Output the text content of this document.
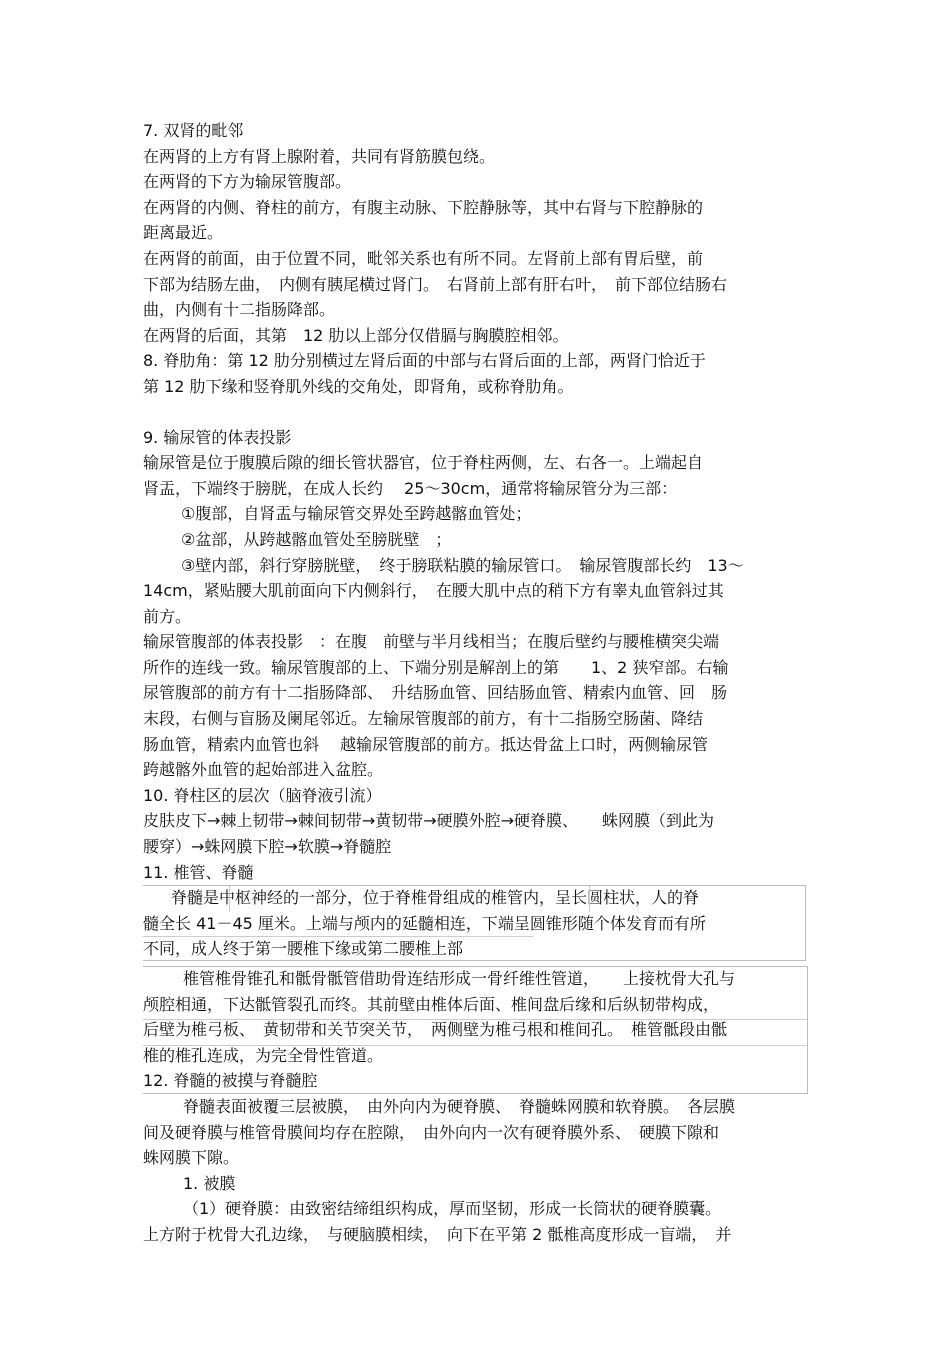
7. 双肾的毗邻
在两肾的上方有肾上腺附着，共同有肾筋膜包绕。
在两肾的下方为输尿管腹部。
在两肾的内侧、脊柱的前方，有腹主动脉、下腔静脉等，其中右肾与下腔静脉的
距离最近。
在两肾的前面，由于位置不同，毗邻关系也有所不同。左肾前上部有胃后壁，前
下部为结肠左曲，　内侧有胰尾横过肾门。　右肾前上部有肝右叶，　前下部位结肠右
曲，内侧有十二指肠降部。
在两肾的后面，其第　12 肋以上部分仅借膈与胸膜腔相邻。
8. 脊肋角：第 12 肋分别横过左肾后面的中部与右肾后面的上部，两肾门恰近于
第 12 肋下缘和竖脊肌外线的交角处，即肾角，或称脊肋角。
9. 输尿管的体表投影
输尿管是位于腹膜后隙的细长管状器官，位于脊柱两侧，左、右各一。上端起自
肾盂，下端终于膀胱，在成人长约　 25～30cm，通常将输尿管分为三部：
①腹部，自肾盂与输尿管交界处至跨越髂血管处；
②盆部，从跨越髂血管处至膀胱壁　；
③壁内部，斜行穿膀胱壁，　终于膀联粘膜的输尿管口。　输尿管腹部长约　13～
14cm，紧贴腰大肌前面向下内侧斜行，　在腰大肌中点的稍下方有睾丸血管斜过其
前方。
输尿管腹部的体表投影　：在腹　前壁与半月线相当；在腹后壁约与腰椎横突尖端
所作的连线一致。输尿管腹部的上、下端分别是解剖上的第　　1、2 狭窄部。右输
尿管腹部的前方有十二指肠降部、　升结肠血管、回结肠血管、精索内血管、回　肠
末段，右侧与盲肠及阑尾邻近。左输尿管腹部的前方，有十二指肠空肠菌、降结
肠血管，精索内血管也斜　 越输尿管腹部的前方。抵达骨盆上口时，两侧输尿管
跨越髂外血管的起始部进入盆腔。
10. 脊柱区的层次（脑脊液引流）
皮肤皮下→棘上韧带→棘间韧带→黄韧带→硬膜外腔→硬脊膜、　　蛛网膜（到此为
腰穿）→蛛网膜下腔→软膜→脊髓腔
11. 椎管、脊髓
脊髓是中枢神经的一部分，位于脊椎骨组成的椎管内，呈长圆柱状，人的脊
髓全长 41－45 厘米。上端与颅内的延髓相连，下端呈圆锥形随个体发育而有所
不同，成人终于第一腰椎下缘或第二腰椎上部
椎管椎骨锥孔和骶骨骶管借助骨连结形成一骨纤维性管道，　　上接枕骨大孔与
颅腔相通，下达骶管裂孔而终。其前壁由椎体后面、椎间盘后缘和后纵韧带构成，
后壁为椎弓板、　黄韧带和关节突关节，　两侧壁为椎弓根和椎间孔。　椎管骶段由骶
椎的椎孔连成，为完全骨性管道。
12. 脊髓的被摸与脊髓腔
脊髓表面被覆三层被膜，　由外向内为硬脊膜、　脊髓蛛网膜和软脊膜。　各层膜
间及硬脊膜与椎管骨膜间均存在腔隙，　由外向内一次有硬脊膜外系、　硬膜下隙和
蛛网膜下隙。
1. 被膜
（1）硬脊膜：由致密结缔组织构成，厚而坚韧，形成一长筒状的硬脊膜囊。
上方附于枕骨大孔边缘，　与硬脑膜相续，　向下在平第 2 骶椎高度形成一盲端，　并
